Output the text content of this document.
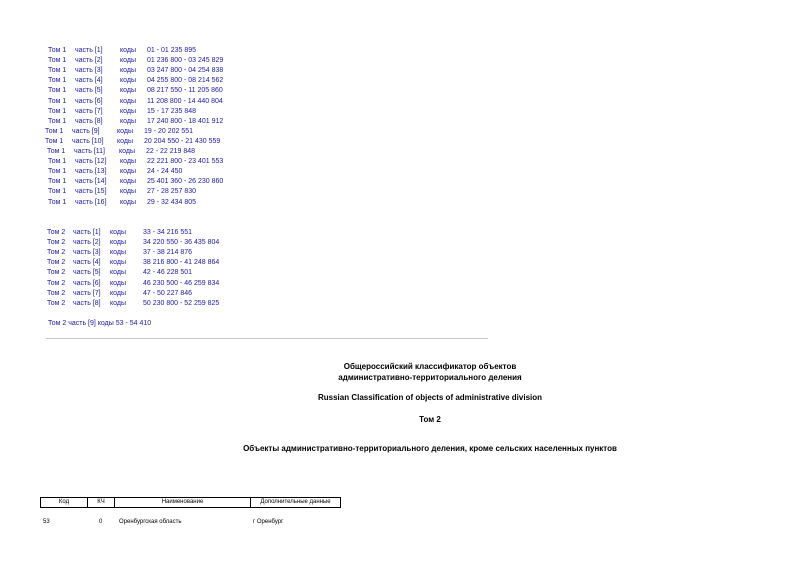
Том 1 часть [1] коды 01 - 01 235 895
Том 1 часть [2] коды 01 236 800 - 03 245 829
Том 1 часть [3] коды 03 247 800 - 04 254 838
Том 1 часть [4] коды 04 255 800 - 08 214 562
Том 1 часть [5] коды 08 217 550 - 11 205 860
Том 1 часть [6] коды 11 208 800 - 14 440 804
Том 1 часть [7] коды 15 - 17 235 848
Том 1 часть [8] коды 17 240 800 - 18 401 912
Том 1 часть [9] коды 19 - 20 202 551
Том 1 часть [10] коды 20 204 550 - 21 430 559
Том 1 часть [11] коды 22 - 22 219 848
Том 1 часть [12] коды 22 221 800 - 23 401 553
Том 1 часть [13] коды 24 - 24 450
Том 1 часть [14] коды 25 401 360 - 26 230 860
Том 1 часть [15] коды 27 - 28 257 830
Том 1 часть [16] коды 29 - 32 434 805
Том 2 часть [1] коды 33 - 34 216 551
Том 2 часть [2] коды 34 220 550 - 36 435 804
Том 2 часть [3] коды 37 - 38 214 876
Том 2 часть [4] коды 38 216 800 - 41 248 864
Том 2 часть [5] коды 42 - 46 228 501
Том 2 часть [6] коды 46 230 500 - 46 259 834
Том 2 часть [7] коды 47 - 50 227 846
Том 2 часть [8] коды 50 230 800 - 52 259 825
Том 2 часть [9] коды 53 - 54 410
Общероссийский классификатор объектов
административно-территориального деления
Russian Classification of objects of administrative division
Том 2
Объекты административно-территориального деления, кроме сельских населенных пунктов
Код	КЧ	Наименование	Дополнительные данные
53	0	Оренбургская область	г Оренбург
